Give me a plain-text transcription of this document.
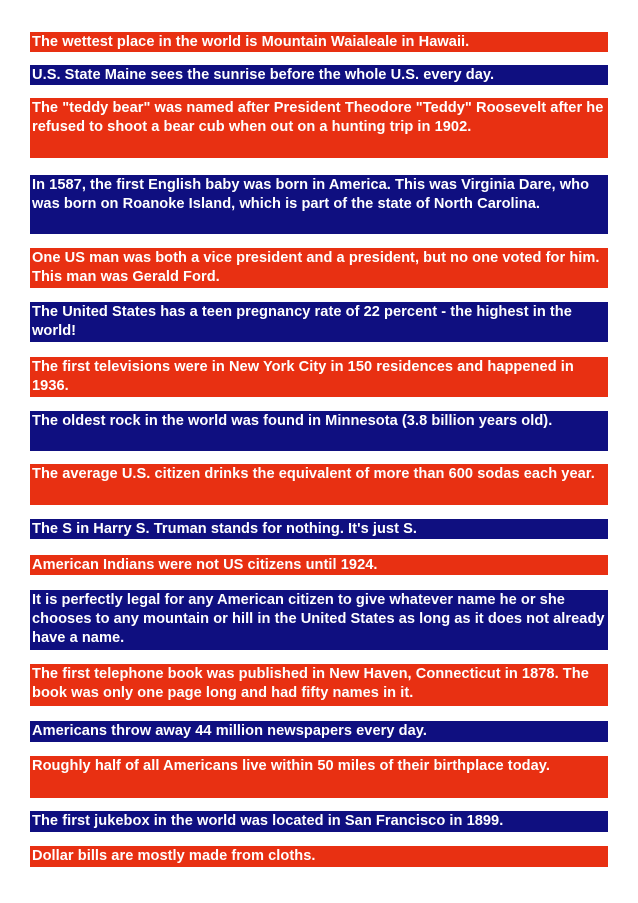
The wettest place in the world is Mountain Waialeale in Hawaii.
U.S. State Maine sees the sunrise before the whole U.S. every day.
The "teddy bear" was named after President Theodore "Teddy" Roosevelt after he refused to shoot a bear cub when out on a hunting trip in 1902.
In 1587, the first English baby was born in America. This was Virginia Dare, who was born on Roanoke Island, which is part of the state of North Carolina.
One US man was both a vice president and a president, but no one voted for him. This man was Gerald Ford.
The United States has a teen pregnancy rate of 22 percent - the highest in the world!
The first televisions were in New York City in 150 residences and happened in 1936.
The oldest rock in the world was found in Minnesota (3.8 billion years old).
The average U.S. citizen drinks the equivalent of more than 600 sodas each year.
The S in Harry S. Truman stands for nothing. It's just S.
American Indians were not US citizens until 1924.
It is perfectly legal for any American citizen to give whatever name he or she chooses to any mountain or hill in the United States as long as it does not already have a name.
The first telephone book was published in New Haven, Connecticut in 1878. The book was only one page long and had fifty names in it.
Americans throw away 44 million newspapers every day.
Roughly half of all Americans live within 50 miles of their birthplace today.
The first jukebox in the world was located in San Francisco in 1899.
Dollar bills are mostly made from cloths.
